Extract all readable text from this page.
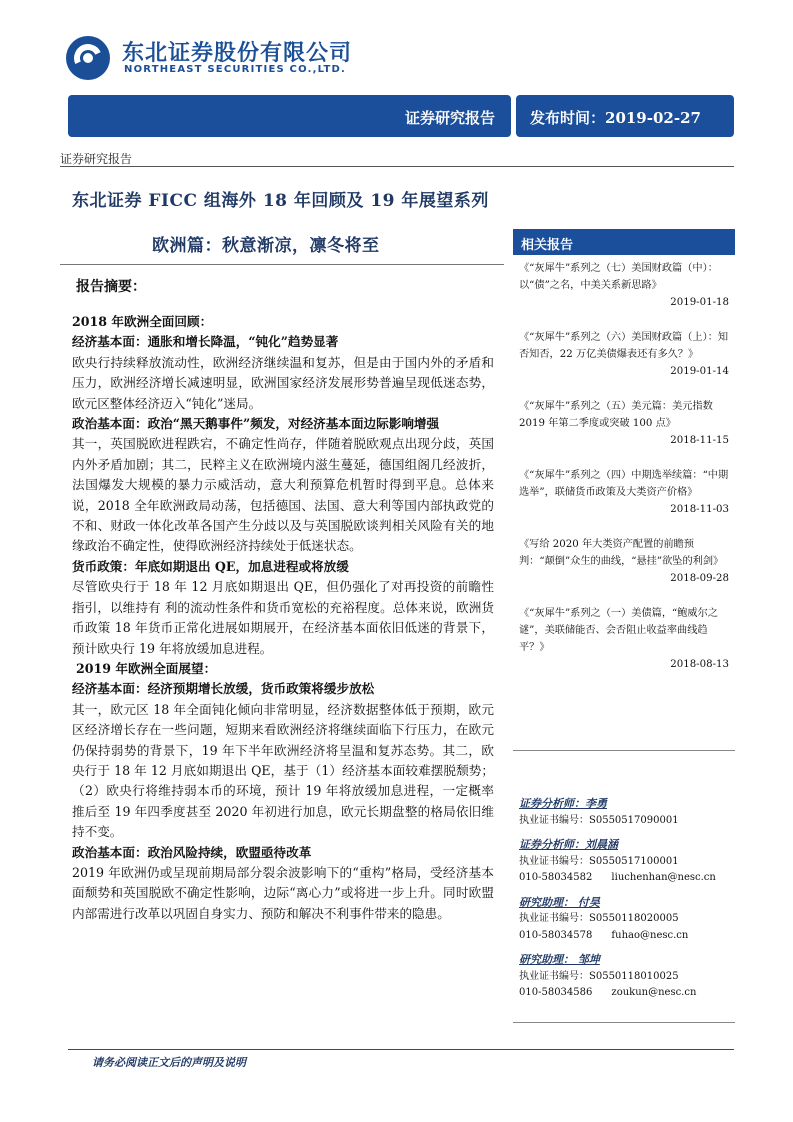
东北证券股份有限公司
NORTHEAST SECURITIES CO.,LTD.
证券研究报告 发布时间：2019-02-27
证券研究报告
东北证券 FICC 组海外 18 年回顾及 19 年展望系列
欧洲篇：秋意渐凉，凛冬将至
报告摘要：
2018 年欧洲全面回顾：
经济基本面：通胀和增长降温，“钝化”趋势显著

欧央行持续释放流动性，欧洲经济继续温和复苏，但是由于国内外的矛盾和压力，欧洲经济增长减速明显，欧洲国家经济发展形势普遍呈现低迷态势，欧元区整体经济迈入“钝化”迷局。

政治基本面：政治“黑天鹅事件”频发，对经济基本面边际影响增强

其一，英国脱欧进程跌宕，不确定性尚存，伴随着脱欧观点出现分歧，英国内外矛盾加剧；其二，民粹主义在欧洲境内滋生蔓延，德国组阁几经波折，法国爆发大规模的暴力示威活动，意大利预算危机暂时得到平息。总体来说，2018 全年欧洲政局动荡，包括德国、法国、意大利等国内部执政党的不和、财政一体化改革各国产生分歧以及与英国脱欧谈判相关风险有关的地缘政治不确定性，使得欧洲经济持续处于低迷状态。

货币政策：年底如期退出 QE，加息进程或将放缓

尽管欧央行于 18 年 12 月底如期退出 QE，但仍强化了对再投资的前瞻性指引，以维持有 利的流动性条件和货币宽松的充裕程度。总体来说，欧洲货币政策 18 年货币正常化进展如期展开，在经济基本面依旧低迷的背景下，预计欧央行 19 年将放缓加息进程。

2019 年欧洲全面展望：
经济基本面：经济预期增长放缓，货币政策将缓步放松

其一，欧元区 18 年全面钝化倾向非常明显，经济数据整体低于预期，欧元区经济增长存在一些问题，短期来看欧洲经济将继续面临下行压力，在欧元仍保持弱势的背景下，19 年下半年欧洲经济将呈温和复苏态势。其二，欧央行于 18 年 12 月底如期退出 QE，基于（1）经济基本面较难摆脱颓势；（2）欧央行将维持弱本币的环境，预计 19 年将放缓加息进程，一定概率推后至 19 年四季度甚至 2020 年初进行加息，欧元长期盘整的格局依旧维持不变。

政治基本面：政治风险持续，欧盟亟待改革

2019 年欧洲仍或呈现前期局部分裂余波影响下的“重构”格局，受经济基本面颓势和英国脱欧不确定性影响，边际“离心力”或将进一步上升。同时欧盟内部需进行改革以巩固自身实力、预防和解决不利事件带来的隐患。

相关报告
《“灰犀牛”系列之（七）美国财政篇（中）：以“债”之名，中美关系新思路》
2019-01-18
《“灰犀牛”系列之（六）美国财政篇（上）：知否知否，22 万亿美债爆表还有多久？》
2019-01-14
《“灰犀牛”系列之（五）美元篇：美元指数 2019 年第二季度或突破 100 点》
2018-11-15
《“灰犀牛”系列之（四）中期选举续篇：“中期选举”，联储货币政策及大类资产价格》
2018-11-03
《写给 2020 年大类资产配置的前瞻预判：“颠倒”众生的曲线，“悬挂”欲坠的利剑》
2018-09-28
《“灰犀牛”系列之（一）美债篇，“鲍威尔之谜”，美联储能否、会否阻止收益率曲线趋平？》
2018-08-13
证券分析师：李勇
执业证书编号：S0550517090001
证券分析师：刘晨涵
执业证书编号：S0550517100001
010-58034582      liuchenhan@nesc.cn
研究助理： 付昊
执业证书编号：S0550118020005
010-58034578      fuhao@nesc.cn
研究助理： 邹坤
执业证书编号：S0550118010025
010-58034586      zoukun@nesc.cn
请务必阅读正文后的声明及说明
